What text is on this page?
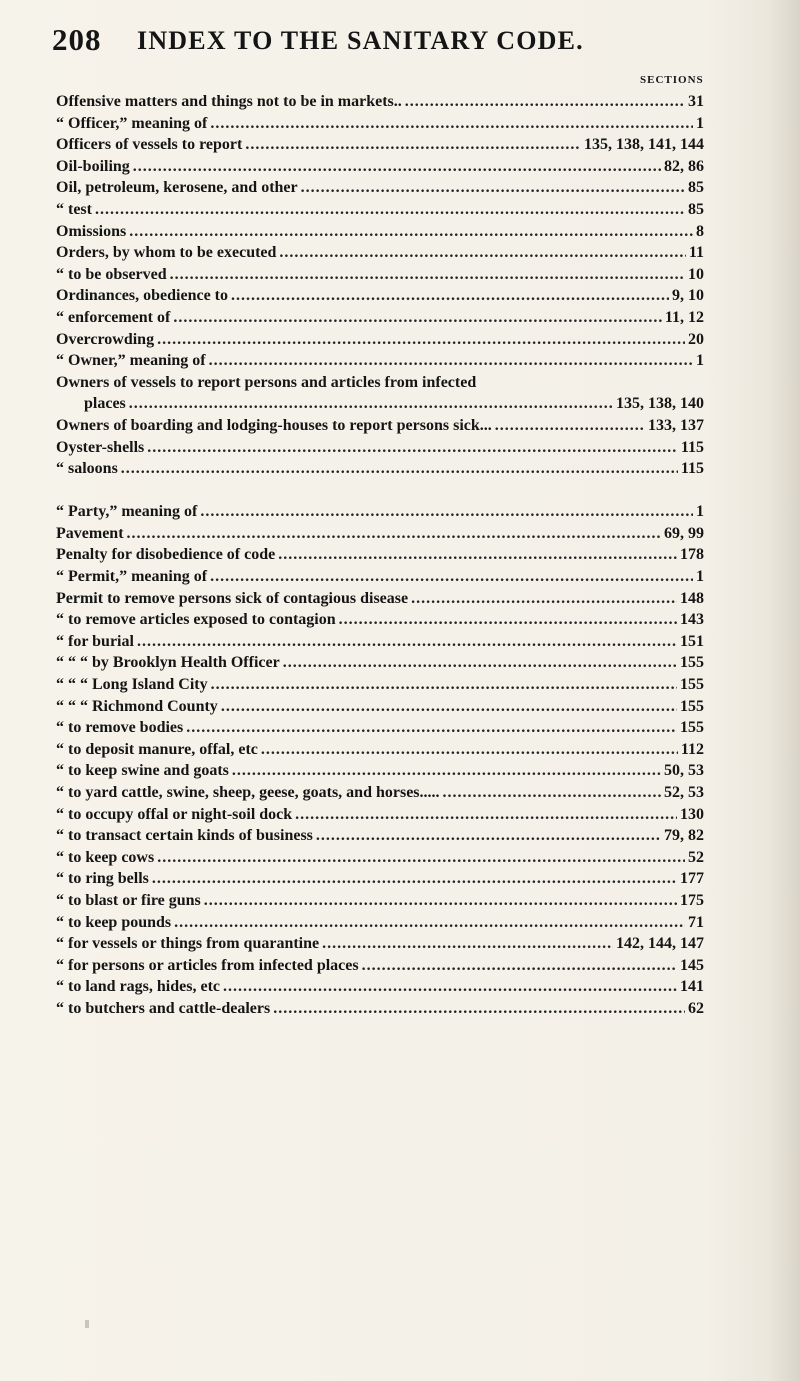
208 INDEX TO THE SANITARY CODE.
SECTIONS
Offensive matters and things not to be in markets.. . . .	31
“ Officer,” meaning of . . .	1
Officers of vessels to report . . .	135, 138, 141, 144
Oil-boiling . . .	82, 86
Oil, petroleum, kerosene, and other . . .	85
“ test . . .	85
Omissions . . .	8
Orders, by whom to be executed . . .	11
“ to be observed . . .	10
Ordinances, obedience to . . .	9, 10
“ enforcement of . . .	11, 12
Overcrowding . . .	20
“ Owner,” meaning of . . .	1
Owners of vessels to report persons and articles from infected
places . . .	135, 138, 140
Owners of boarding and lodging-houses to report persons sick... . . .	133, 137
Oyster-shells . . .	115
“ saloons . . .	115
“ Party,” meaning of . . .	1
Pavement . . .	69, 99
Penalty for disobedience of code . . .	178
“ Permit,” meaning of . . .	1
Permit to remove persons sick of contagious disease . . .	148
“ to remove articles exposed to contagion . . .	143
“ for burial . . .	151
“ “ “ by Brooklyn Health Officer . . .	155
“ “ “ Long Island City . . .	155
“ “ “ Richmond County . . .	155
“ to remove bodies . . .	155
“ to deposit manure, offal, etc . . .	112
“ to keep swine and goats . . .	50, 53
“ to yard cattle, swine, sheep, geese, goats, and horses..... . . .	52, 53
“ to occupy offal or night-soil dock . . .	130
“ to transact certain kinds of business . . .	79, 82
“ to keep cows . . .	52
“ to ring bells . . .	177
“ to blast or fire guns . . .	175
“ to keep pounds . . .	71
“ for vessels or things from quarantine . . .	142, 144, 147
“ for persons or articles from infected places . . .	145
“ to land rags, hides, etc . . .	141
“ to butchers and cattle-dealers . . .	62
